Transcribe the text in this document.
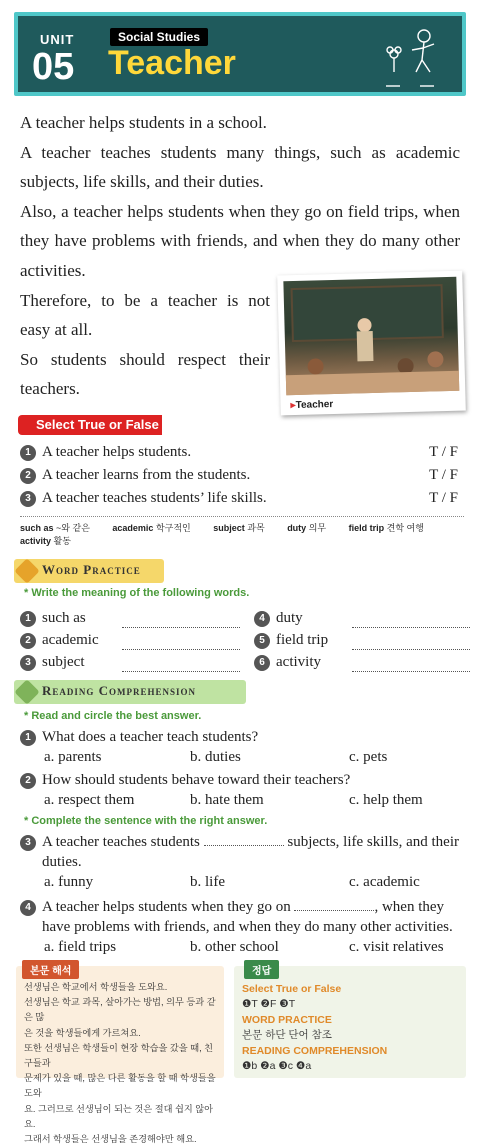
UNIT
05
Social Studies
Teacher

A teacher helps students in a school.

A teacher teaches students many things, such as academic subjects, life skills, and their duties.

Also, a teacher helps students when they go on field trips, when they have problems with friends, and when they do many other activities.

Therefore, to be a teacher is not easy at all.

So students should respect their teachers.

▸Teacher
Select True or False
1 A teacher helps students.	T / F
2 A teacher learns from the students.	T / F
3 A teacher teaches students’ life skills.	T / F
such as ~와 같은	academic 학구적인	subject 과목	duty 의무	field trip 견학 여행 activity 활동
Word Practice
* Write the meaning of the following words.
1 such as
2 academic
3 subject
4 duty
5 field trip
6 activity
Reading Comprehension
* Read and circle the best answer.
1 What does a teacher teach students?
a. parents	b. duties	c. pets
2 How should students behave toward their teachers?
a. respect them	b. hate them	c. help them
* Complete the sentence with the right answer.
3 A teacher teaches students	subjects, life skills, and their
duties.
a. funny	b. life	c. academic
4 A teacher helps students when they go on	, when they
have problems with friends, and when they do many other activities.
a. field trips	b. other school	c. visit relatives
본문 해석
선생님은 학교에서 학생들을 도와요.
선생님은 학교 과목, 살아가는 방법, 의무 등과 같은 많
은 것을 학생들에게 가르쳐요.
또한 선생님은 학생들이 현장 학습을 갔을 때, 친구들과
문제가 있을 때, 많은 다른 활동을 할 때 학생들을 도와
요. 그러므로 선생님이 되는 것은 절대 쉽지 않아요.
그래서 학생들은 선생님을 존경해야만 해요.
정답
Select True or False
❶T ❷F ❸T
WORD PRACTICE
본문 하단 단어 참조
READING COMPREHENSION
❶b ❷a ❸c ❹a
